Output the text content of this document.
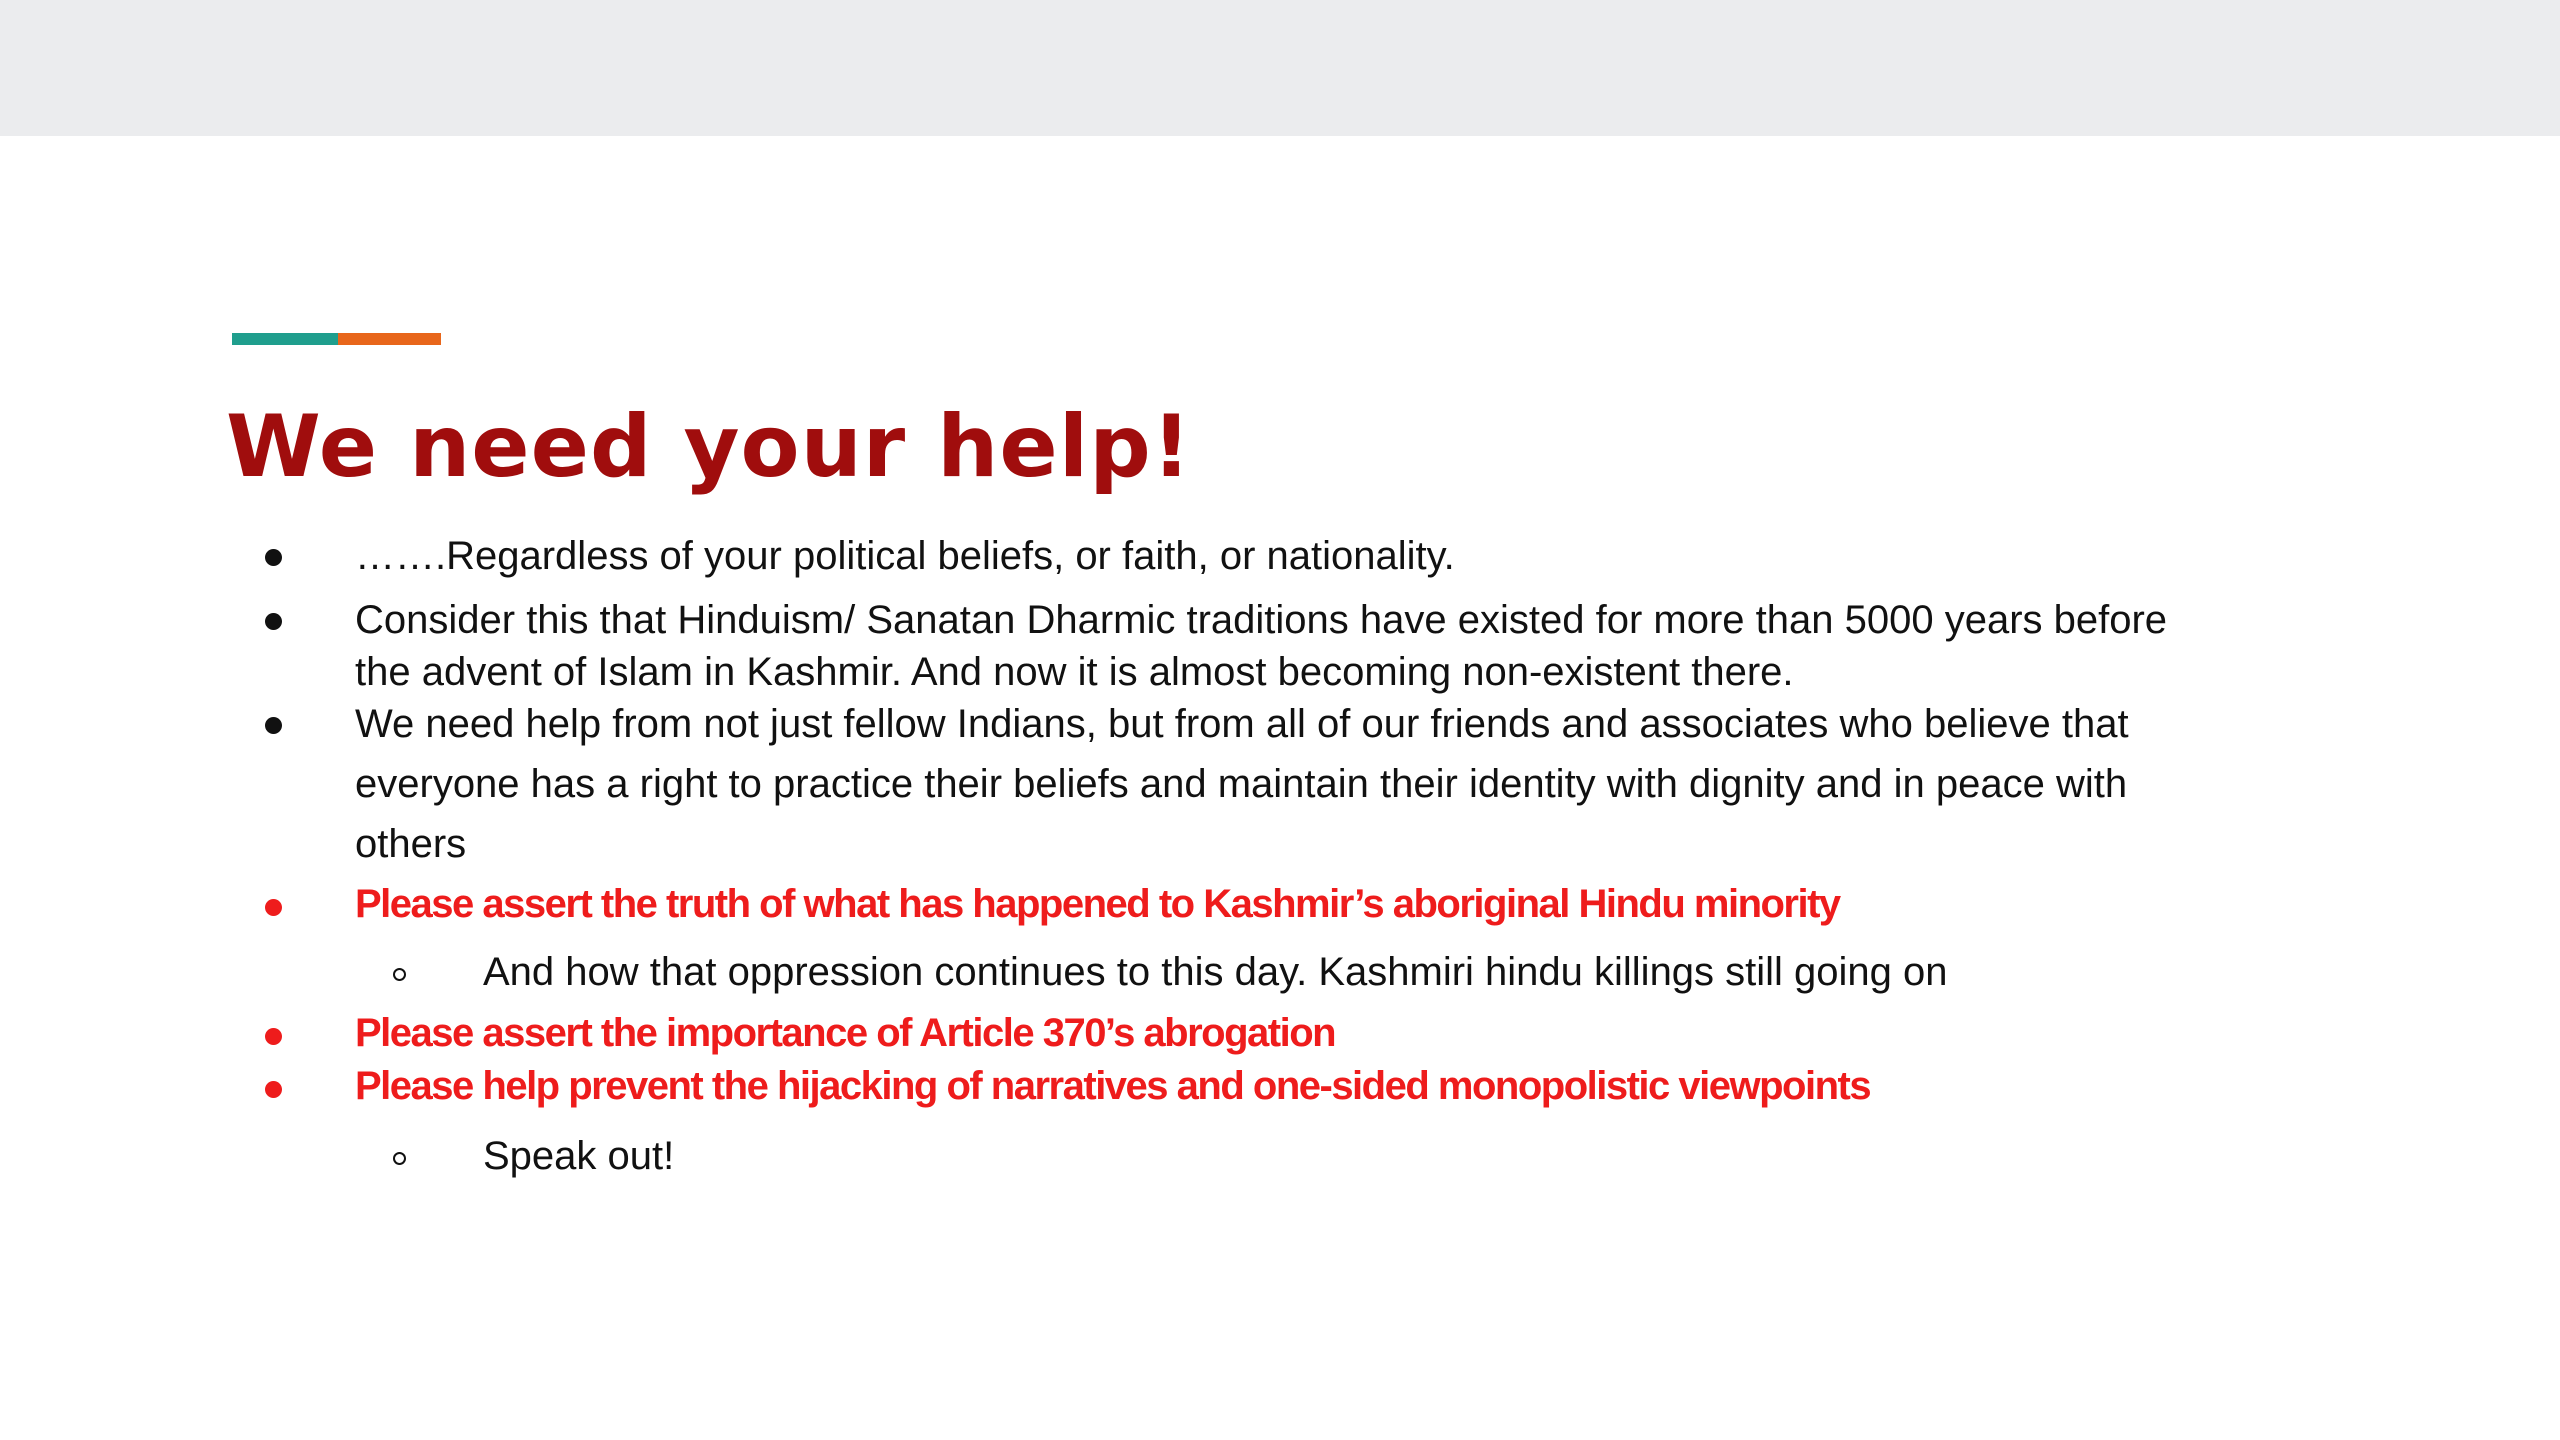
We need your help!
…….Regardless of your political beliefs, or faith, or nationality.
Consider this that Hinduism/ Sanatan Dharmic traditions have existed for more than 5000 years before
the advent of Islam in Kashmir. And now it is almost becoming non-existent there.
We need help from not just fellow Indians, but from all of our friends and associates who believe that
everyone has a right to practice their beliefs and maintain their identity with dignity and in peace with
others
Please assert the truth of what has happened to Kashmir’s aboriginal Hindu minority
And how that oppression continues to this day. Kashmiri hindu killings still going on
Please assert the importance of Article 370’s abrogation
Please help prevent the hijacking of narratives and one-sided monopolistic viewpoints
Speak out!
